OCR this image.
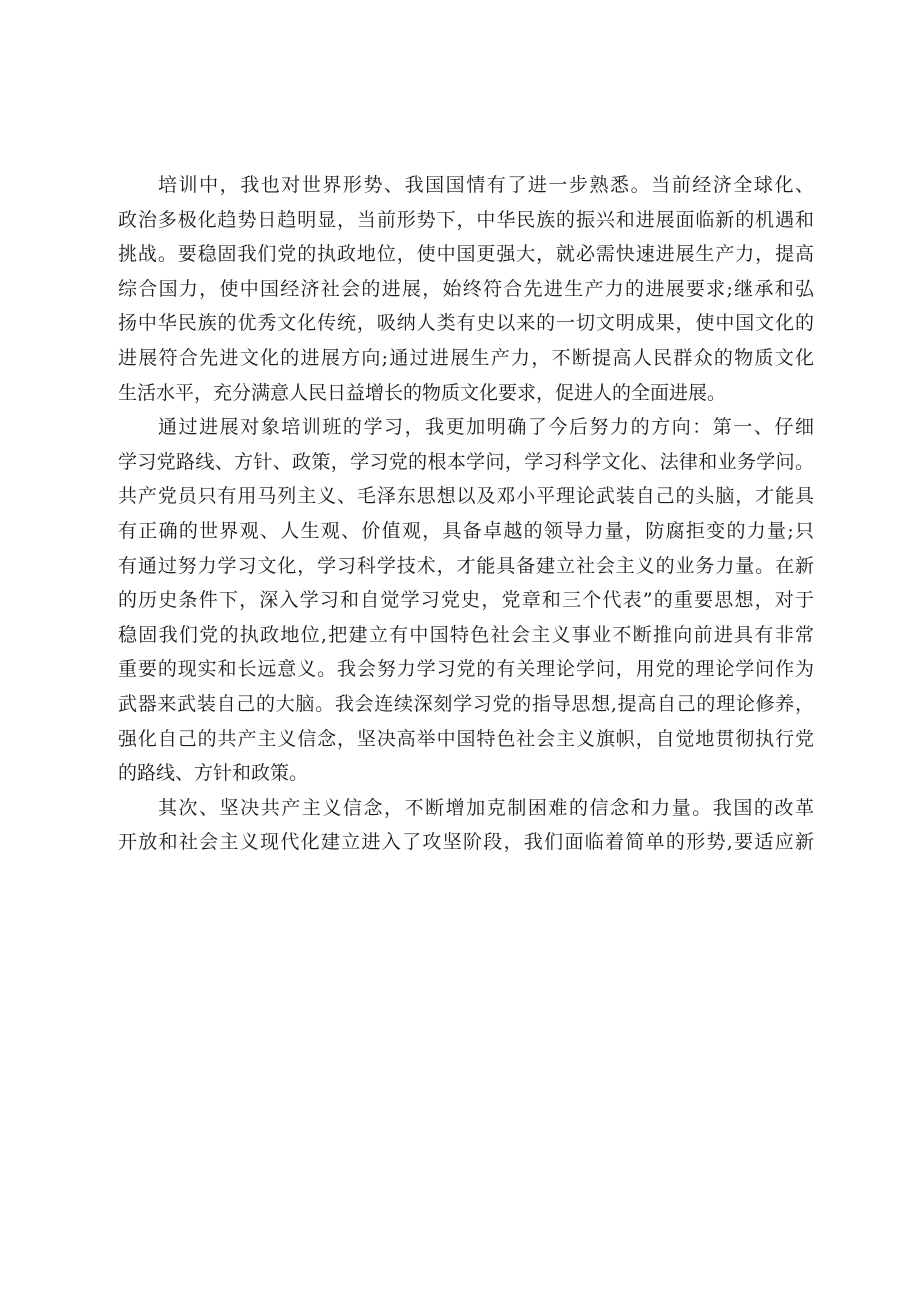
培训中，我也对世界形势、我国国情有了进一步熟悉。当前经济全球化、
政治多极化趋势日趋明显，当前形势下，中华民族的振兴和进展面临新的机遇和
挑战。要稳固我们党的执政地位，使中国更强大，就必需快速进展生产力，提高
综合国力，使中国经济社会的进展，始终符合先进生产力的进展要求;继承和弘
扬中华民族的优秀文化传统，吸纳人类有史以来的一切文明成果，使中国文化的
进展符合先进文化的进展方向;通过进展生产力，不断提高人民群众的物质文化
生活水平，充分满意人民日益增长的物质文化要求，促进人的全面进展。
通过进展对象培训班的学习，我更加明确了今后努力的方向：第一、仔细
学习党路线、方针、政策，学习党的根本学问，学习科学文化、法律和业务学问。
共产党员只有用马列主义、毛泽东思想以及邓小平理论武装自己的头脑，才能具
有正确的世界观、人生观、价值观，具备卓越的领导力量，防腐拒变的力量;只
有通过努力学习文化，学习科学技术，才能具备建立社会主义的业务力量。在新
的历史条件下，深入学习和自觉学习党史，党章和三个代表”的重要思想，对于
稳固我们党的执政地位,把建立有中国特色社会主义事业不断推向前进具有非常
重要的现实和长远意义。我会努力学习党的有关理论学问，用党的理论学问作为
武器来武装自己的大脑。我会连续深刻学习党的指导思想,提高自己的理论修养，
强化自己的共产主义信念，坚决高举中国特色社会主义旗帜，自觉地贯彻执行党
的路线、方针和政策。
其次、坚决共产主义信念，不断增加克制困难的信念和力量。我国的改革
开放和社会主义现代化建立进入了攻坚阶段，我们面临着简单的形势,要适应新
